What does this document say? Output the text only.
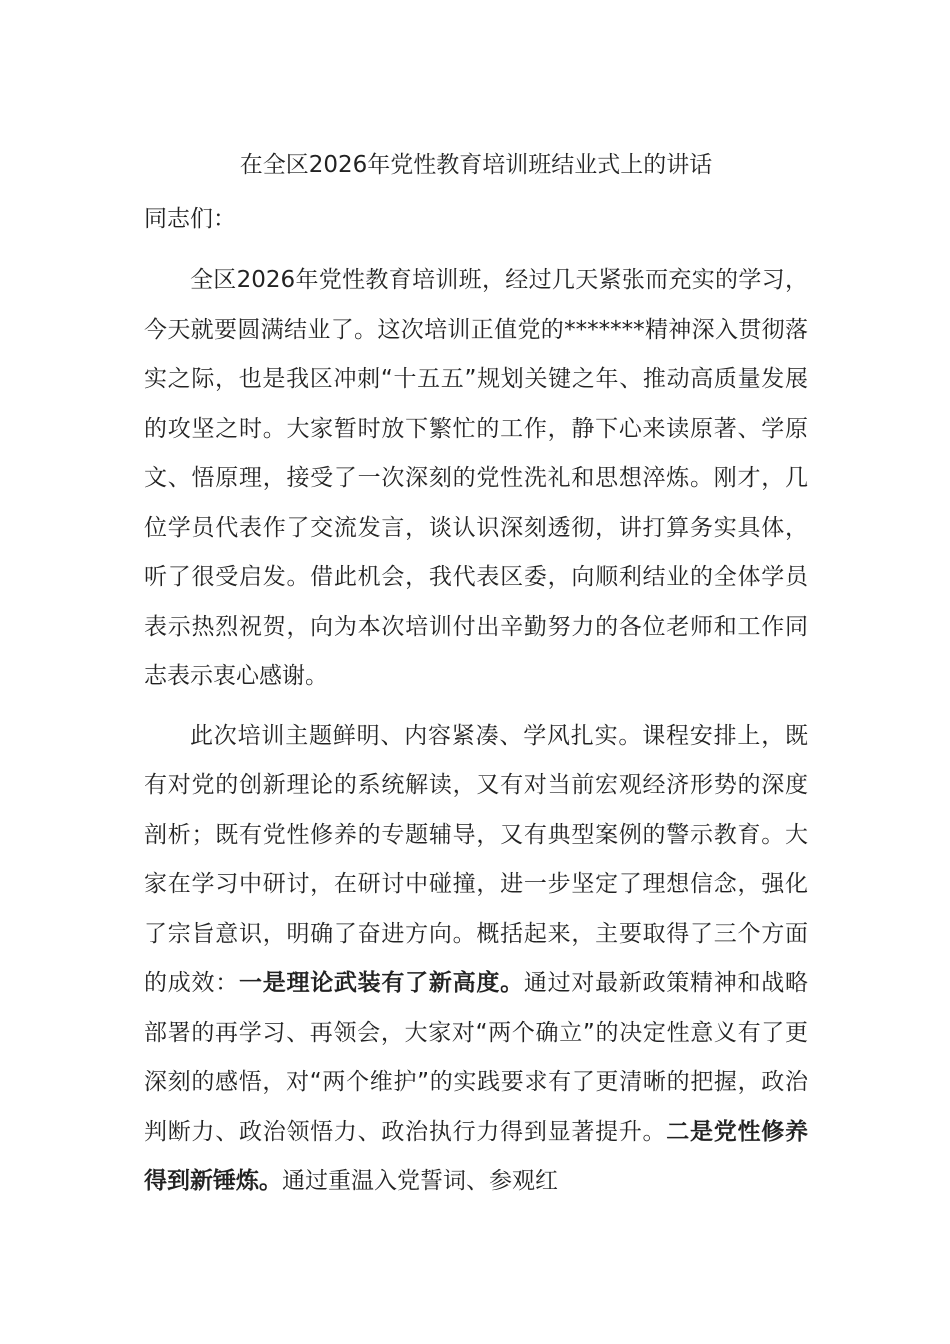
在全区2026年党性教育培训班结业式上的讲话
同志们：

全区2026年党性教育培训班，经过几天紧张而充实的学习，今天就要圆满结业了。这次培训正值党的*******精神深入贯彻落实之际，也是我区冲刺“十五五”规划关键之年、推动高质量发展的攻坚之时。大家暂时放下繁忙的工作，静下心来读原著、学原文、悟原理，接受了一次深刻的党性洗礼和思想淬炼。刚才，几位学员代表作了交流发言，谈认识深刻透彻，讲打算务实具体，听了很受启发。借此机会，我代表区委，向顺利结业的全体学员表示热烈祝贺，向为本次培训付出辛勤努力的各位老师和工作同志表示衷心感谢。

此次培训主题鲜明、内容紧凑、学风扎实。课程安排上，既有对党的创新理论的系统解读，又有对当前宏观经济形势的深度剖析；既有党性修养的专题辅导，又有典型案例的警示教育。大家在学习中研讨，在研讨中碰撞，进一步坚定了理想信念，强化了宗旨意识，明确了奋进方向。概括起来，主要取得了三个方面的成效：一是理论武装有了新高度。通过对最新政策精神和战略部署的再学习、再领会，大家对“两个确立”的决定性意义有了更深刻的感悟，对“两个维护”的实践要求有了更清晰的把握，政治判断力、政治领悟力、政治执行力得到显著提升。二是党性修养得到新锤炼。通过重温入党誓词、参观红
